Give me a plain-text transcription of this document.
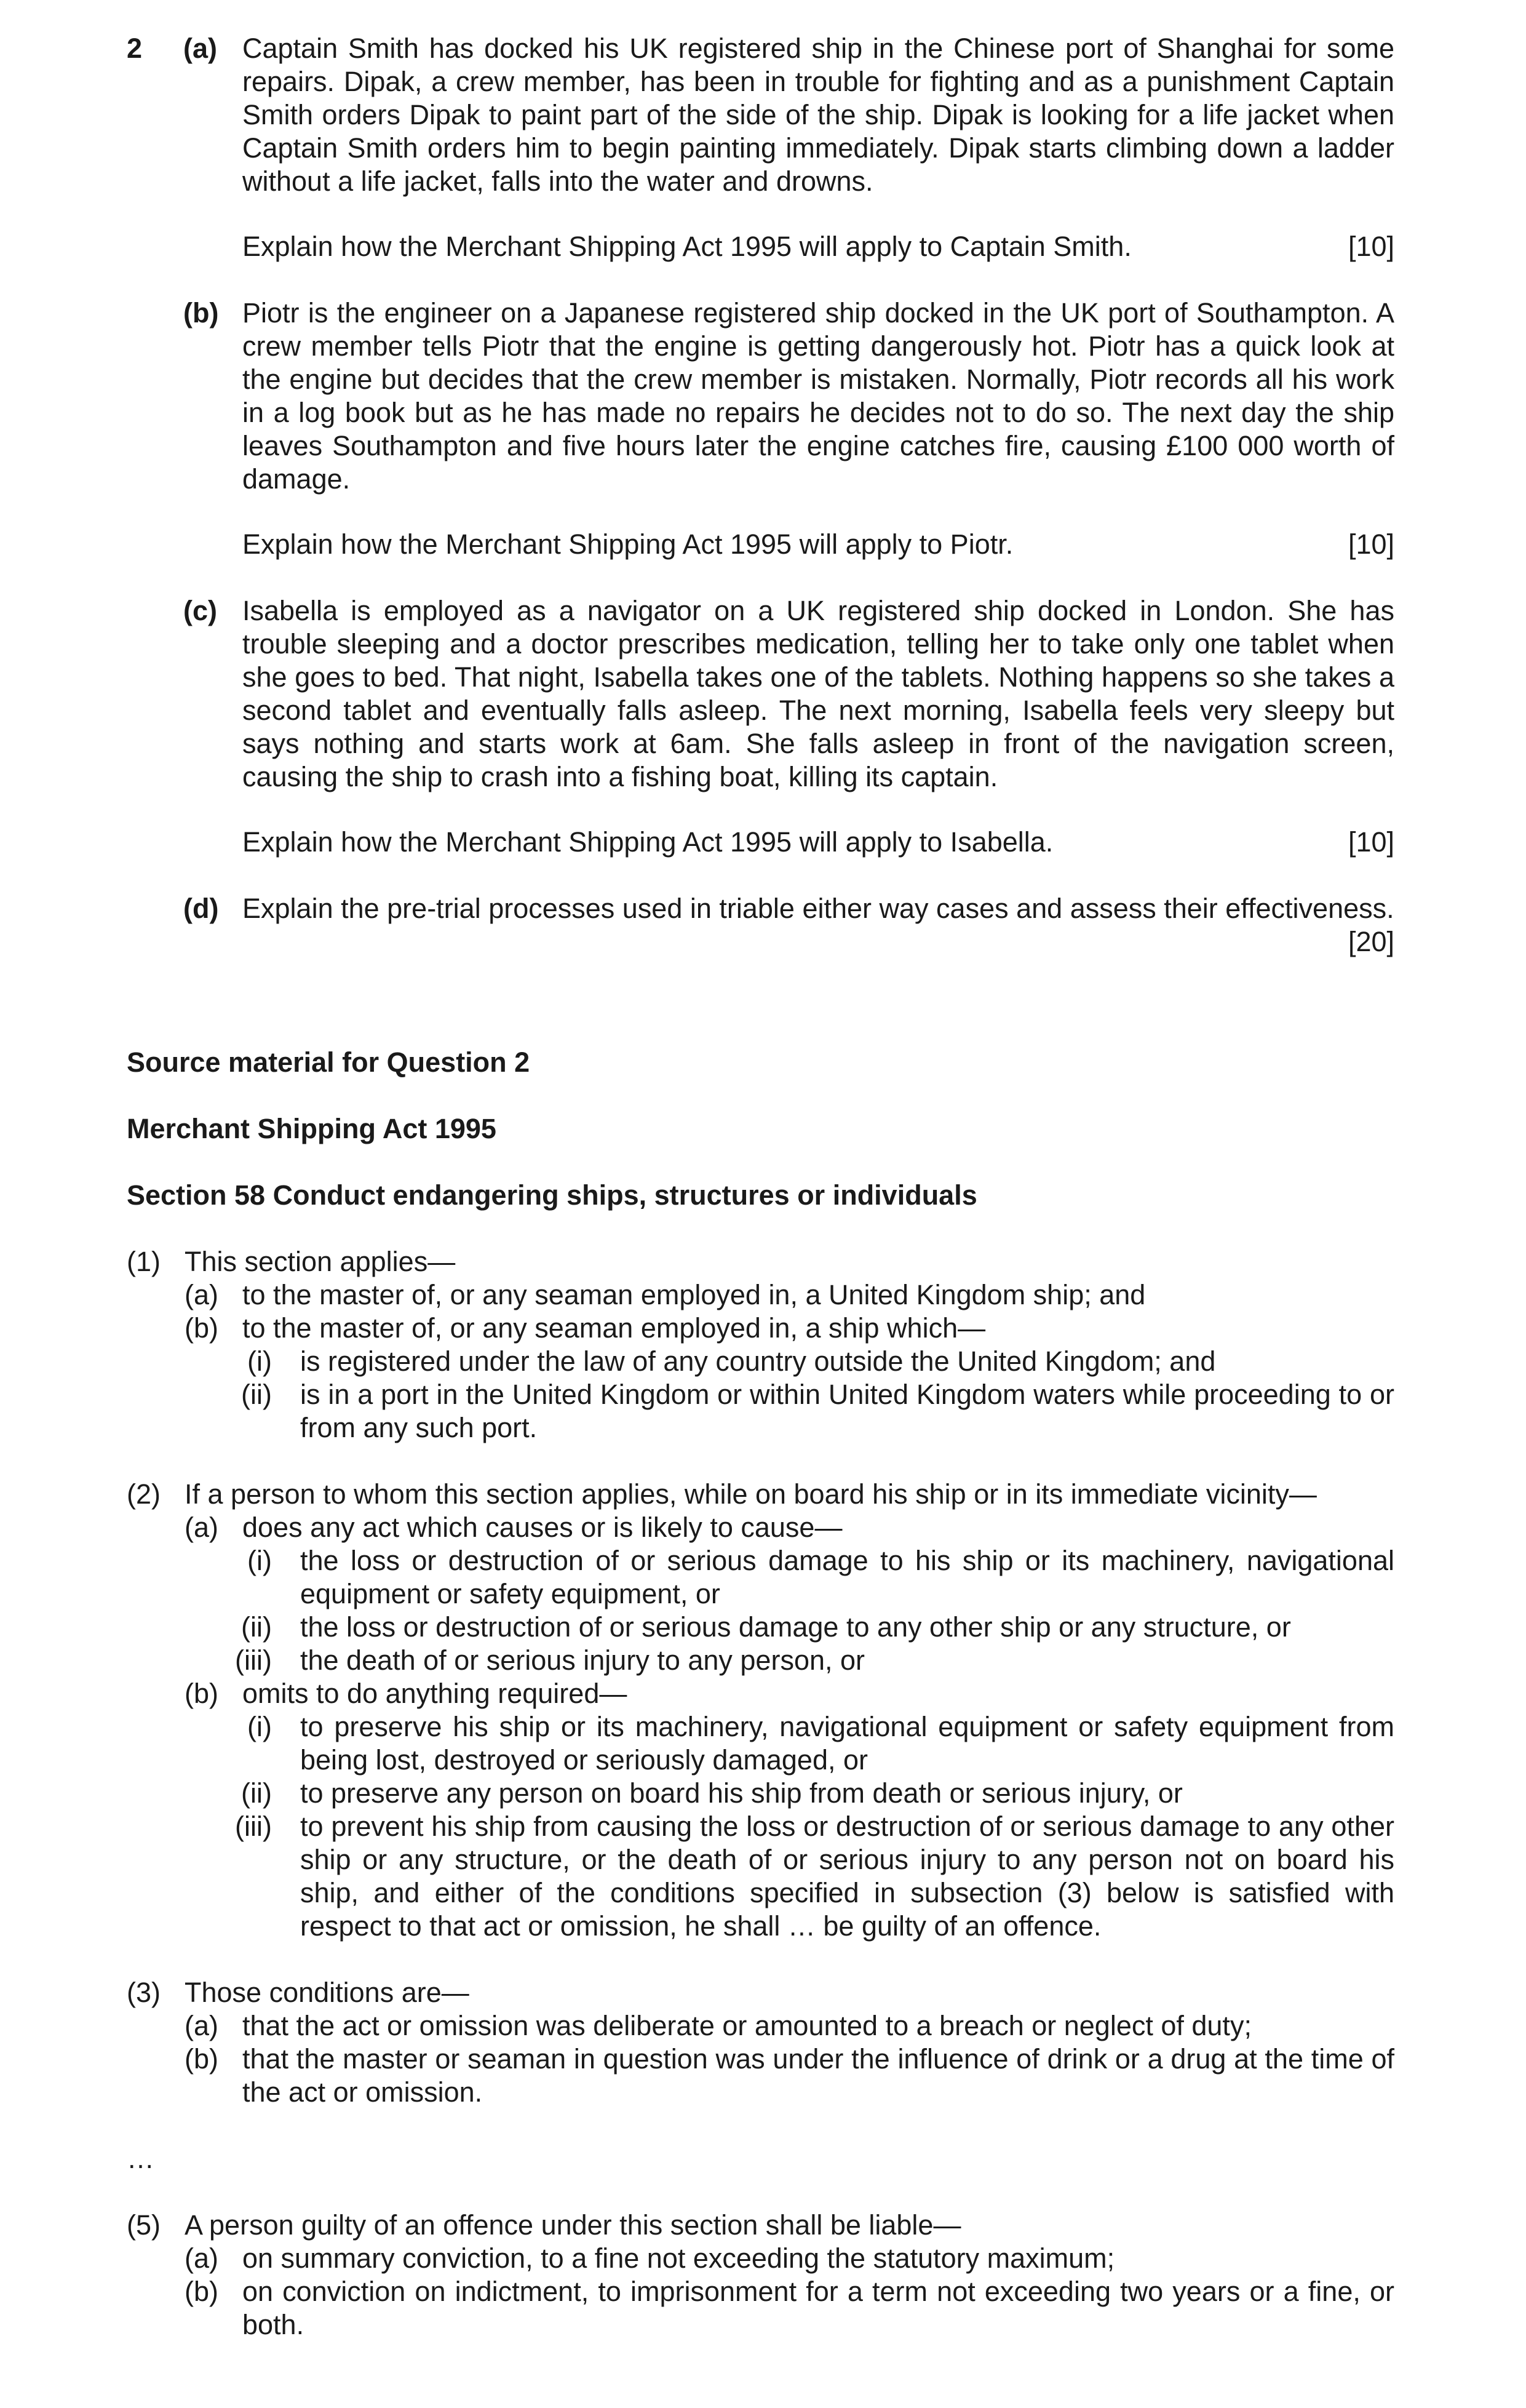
2 (a) Captain Smith has docked his UK registered ship in the Chinese port of Shanghai for some repairs. Dipak, a crew member, has been in trouble for fighting and as a punishment Captain Smith orders Dipak to paint part of the side of the ship. Dipak is looking for a life jacket when Captain Smith orders him to begin painting immediately. Dipak starts climbing down a ladder without a life jacket, falls into the water and drowns.
Explain how the Merchant Shipping Act 1995 will apply to Captain Smith.	[10]
(b) Piotr is the engineer on a Japanese registered ship docked in the UK port of Southampton. A crew member tells Piotr that the engine is getting dangerously hot. Piotr has a quick look at the engine but decides that the crew member is mistaken. Normally, Piotr records all his work in a log book but as he has made no repairs he decides not to do so. The next day the ship leaves Southampton and five hours later the engine catches fire, causing £100 000 worth of damage.
Explain how the Merchant Shipping Act 1995 will apply to Piotr.	[10]
(c) Isabella is employed as a navigator on a UK registered ship docked in London. She has trouble sleeping and a doctor prescribes medication, telling her to take only one tablet when she goes to bed. That night, Isabella takes one of the tablets. Nothing happens so she takes a second tablet and eventually falls asleep. The next morning, Isabella feels very sleepy but says nothing and starts work at 6am. She falls asleep in front of the navigation screen, causing the ship to crash into a fishing boat, killing its captain.
Explain how the Merchant Shipping Act 1995 will apply to Isabella.	[10]
(d) Explain the pre-trial processes used in triable either way cases and assess their effectiveness.
[20]
Source material for Question 2
Merchant Shipping Act 1995
Section 58 Conduct endangering ships, structures or individuals
(1) This section applies—
(a) to the master of, or any seaman employed in, a United Kingdom ship; and
(b) to the master of, or any seaman employed in, a ship which—
(i) is registered under the law of any country outside the United Kingdom; and
(ii) is in a port in the United Kingdom or within United Kingdom waters while proceeding to or from any such port.
(2) If a person to whom this section applies, while on board his ship or in its immediate vicinity—
(a) does any act which causes or is likely to cause—
(i) the loss or destruction of or serious damage to his ship or its machinery, navigational equipment or safety equipment, or
(ii) the loss or destruction of or serious damage to any other ship or any structure, or
(iii) the death of or serious injury to any person, or
(b) omits to do anything required—
(i) to preserve his ship or its machinery, navigational equipment or safety equipment from being lost, destroyed or seriously damaged, or
(ii) to preserve any person on board his ship from death or serious injury, or
(iii) to prevent his ship from causing the loss or destruction of or serious damage to any other ship or any structure, or the death of or serious injury to any person not on board his ship, and either of the conditions specified in subsection (3) below is satisfied with respect to that act or omission, he shall … be guilty of an offence.
(3) Those conditions are—
(a) that the act or omission was deliberate or amounted to a breach or neglect of duty;
(b) that the master or seaman in question was under the influence of drink or a drug at the time of the act or omission.
…
(5) A person guilty of an offence under this section shall be liable—
(a) on summary conviction, to a fine not exceeding the statutory maximum;
(b) on conviction on indictment, to imprisonment for a term not exceeding two years or a fine, or both.
